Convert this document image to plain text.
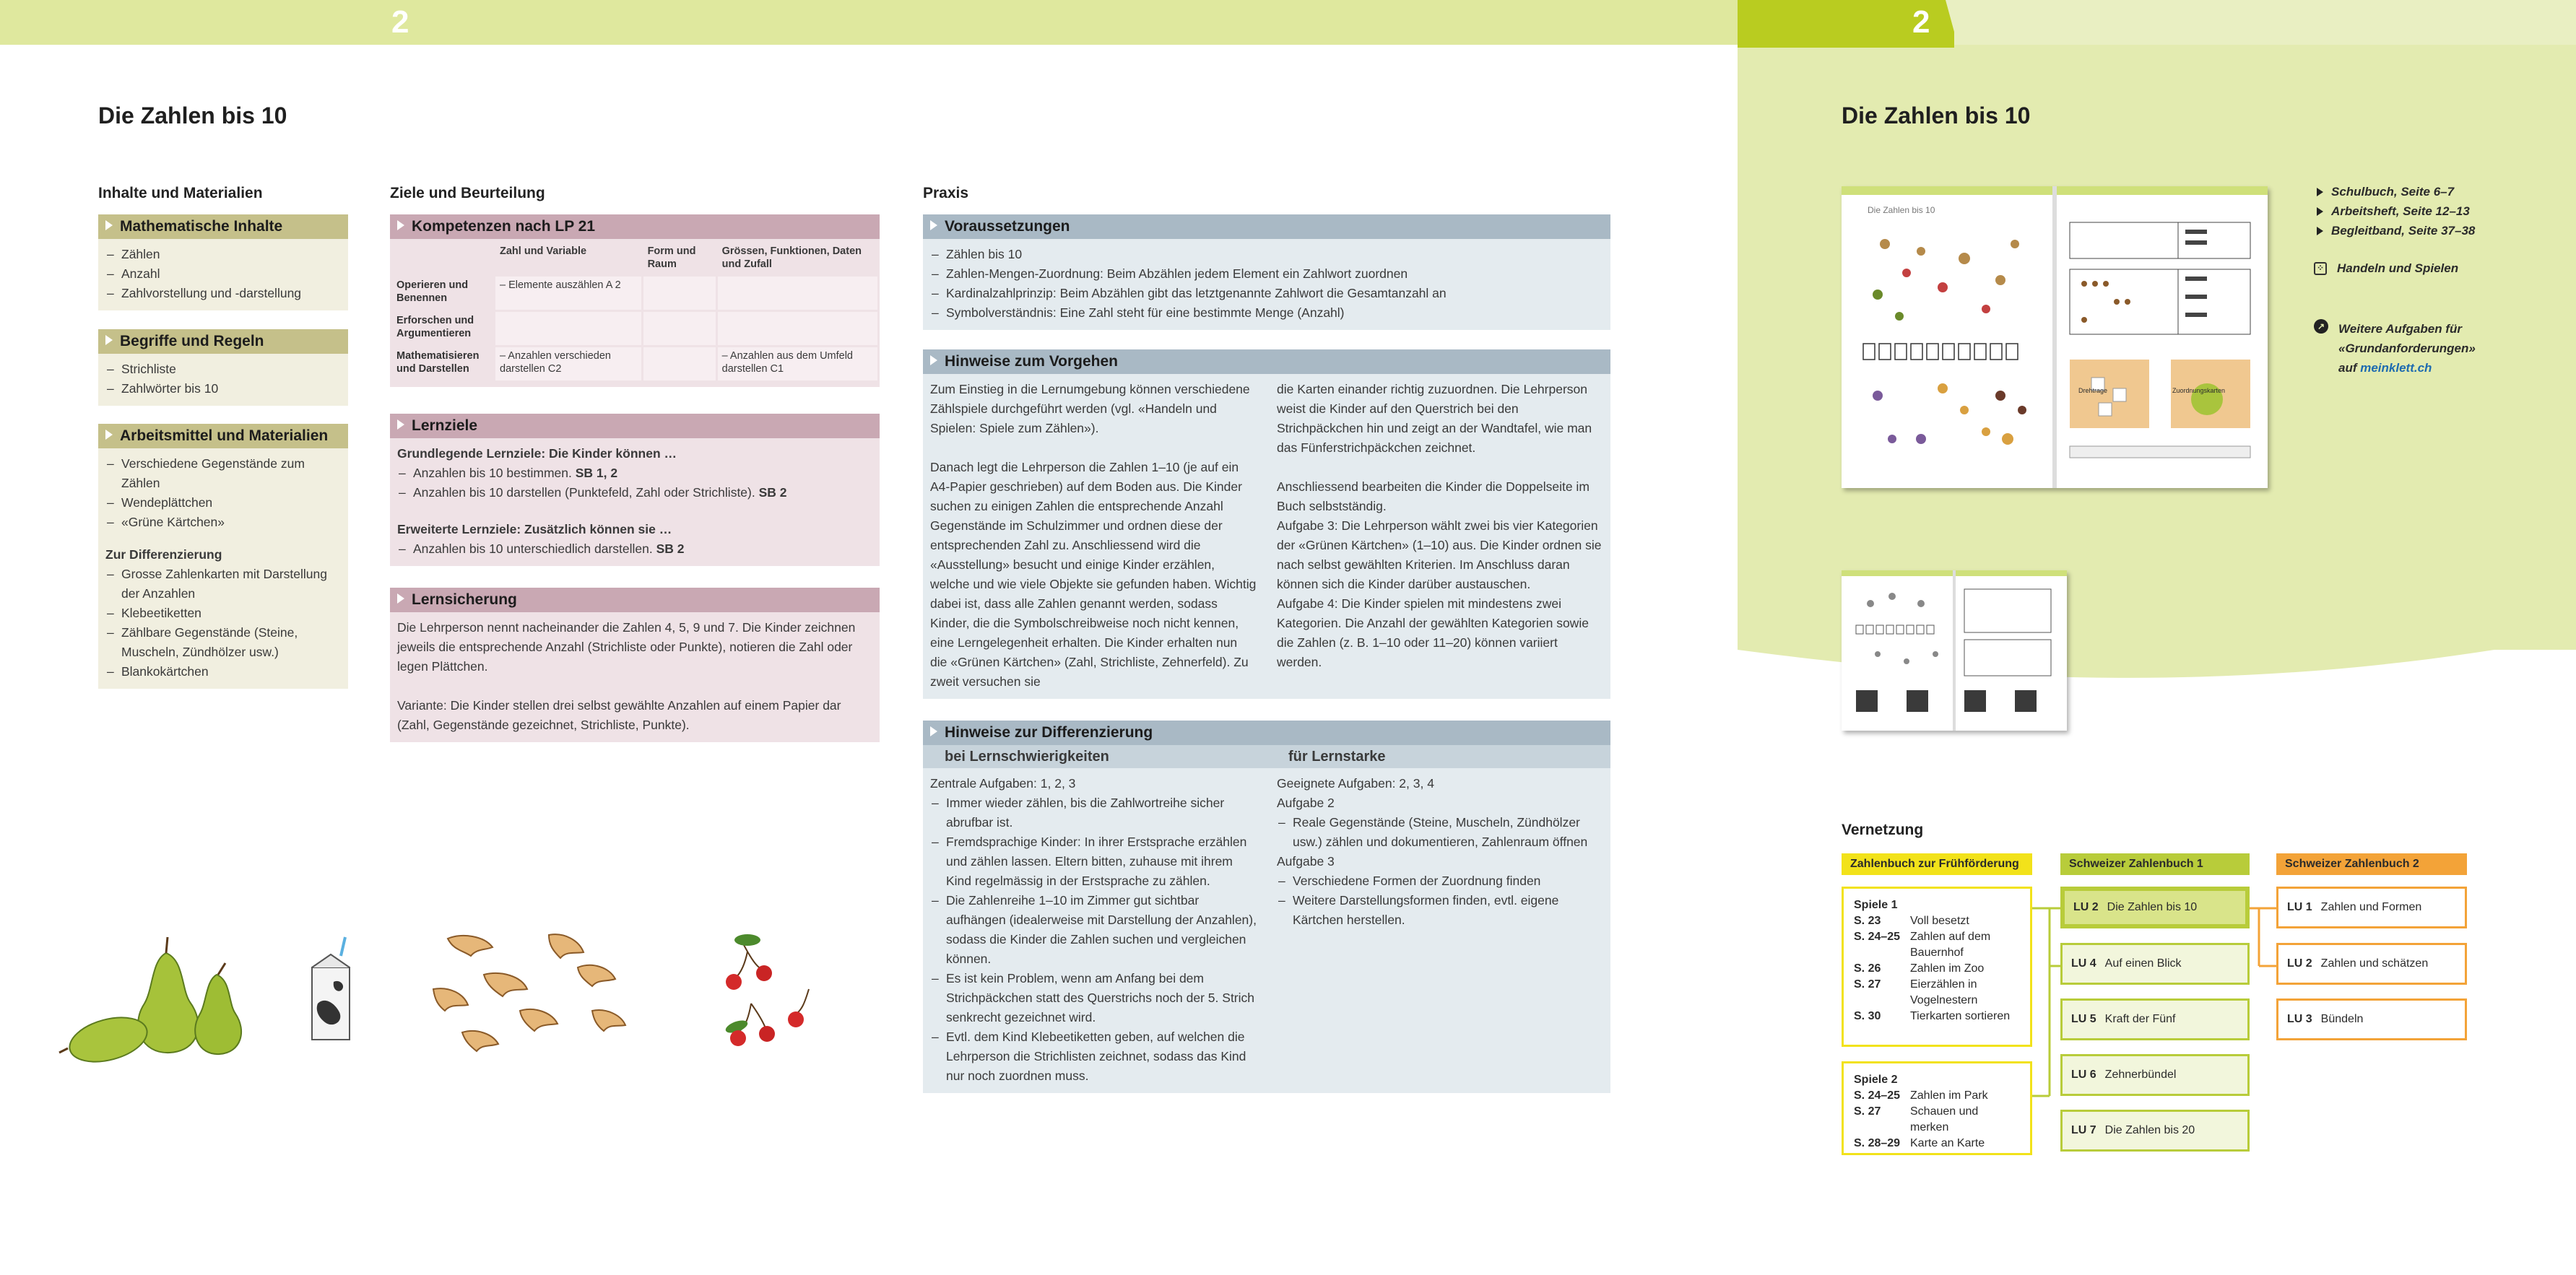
2
Die Zahlen bis 10
Inhalte und Materialien	Ziele und Beurteilung	Praxis
Mathematische Inhalte
– Zählen
– Anzahl
– Zahlvorstellung und -darstellung
Begriffe und Regeln
– Strichliste
– Zahlwörter bis 10
Arbeitsmittel und Materialien
– Verschiedene Gegenstände zum Zählen
– Wendeplättchen
– «Grüne Kärtchen»
Zur Differenzierung
– Grosse Zahlenkarten mit Darstellung der Anzahlen
– Klebeetiketten
– Zählbare Gegenstände (Steine, Muscheln, Zündhölzer usw.)
– Blankokärtchen
Kompetenzen nach LP 21
	Zahl und Variable	Form und Raum	Grössen, Funktionen, Daten und Zufall
Operieren und Benennen	– Elemente auszählen A 2		
Erforschen und Argumentieren			
Mathematisieren und Darstellen	– Anzahlen verschieden darstellen C2		– Anzahlen aus dem Umfeld darstellen C1
Lernziele
Grundlegende Lernziele: Die Kinder können …
– Anzahlen bis 10 bestimmen. SB 1, 2
– Anzahlen bis 10 darstellen (Punktefeld, Zahl oder Strichliste). SB 2
Erweiterte Lernziele: Zusätzlich können sie …
– Anzahlen bis 10 unterschiedlich darstellen. SB 2
Lernsicherung

Die Lehrperson nennt nacheinander die Zahlen 4, 5, 9 und 7. Die Kinder zeichnen jeweils die entsprechende Anzahl (Strichliste oder Punkte), notieren die Zahl oder legen Plättchen.

Variante: Die Kinder stellen drei selbst gewählte Anzahlen auf einem Papier dar (Zahl, Gegenstände gezeichnet, Strichliste, Punkte).

Voraussetzungen
– Zählen bis 10
– Zahlen-Mengen-Zuordnung: Beim Abzählen jedem Element ein Zahlwort zuordnen
– Kardinalzahlprinzip: Beim Abzählen gibt das letztgenannte Zahlwort die Gesamtanzahl an
– Symbolverständnis: Eine Zahl steht für eine bestimmte Menge (Anzahl)
Hinweise zum Vorgehen

Zum Einstieg in die Lernumgebung können verschiedene Zählspiele durchgeführt werden (vgl. «Handeln und Spielen: Spiele zum Zählen»).

Danach legt die Lehrperson die Zahlen 1–10 (je auf ein A4-Papier geschrieben) auf dem Boden aus. Die Kinder suchen zu einigen Zahlen die entsprechende Anzahl Gegenstände im Schulzimmer und ordnen diese der entsprechenden Zahl zu. Anschliessend wird die «Ausstellung» besucht und einige Kinder erzählen, welche und wie viele Objekte sie gefunden haben. Wichtig dabei ist, dass alle Zahlen genannt werden, sodass Kinder, die die Symbolschreibweise noch nicht kennen, eine Lerngelegenheit erhalten. Die Kinder erhalten nun die «Grünen Kärtchen» (Zahl, Strichliste, Zehnerfeld). Zu zweit versuchen sie

die Karten einander richtig zuzuordnen. Die Lehrperson weist die Kinder auf den Querstrich bei den Strichpäckchen hin und zeigt an der Wandtafel, wie man das Fünferstrichpäckchen zeichnet.

Anschliessend bearbeiten die Kinder die Doppelseite im Buch selbstständig.
Aufgabe 3: Die Lehrperson wählt zwei bis vier Kategorien der «Grünen Kärtchen» (1–10) aus. Die Kinder ordnen sie nach selbst gewählten Kriterien. Im Anschluss daran können sich die Kinder darüber austauschen.
Aufgabe 4: Die Kinder spielen mit mindestens zwei Kategorien. Die Anzahl der gewählten Kategorien sowie die Zahlen (z. B. 1–10 oder 11–20) können variiert werden.

Hinweise zur Differenzierung
bei Lernschwierigkeiten	für Lernstarke
Zentrale Aufgaben: 1, 2, 3
– Immer wieder zählen, bis die Zahlwortreihe sicher abrufbar ist.
– Fremdsprachige Kinder: In ihrer Erstsprache erzählen und zählen lassen. Eltern bitten, zuhause mit ihrem Kind regelmässig in der Erstsprache zu zählen.
– Die Zahlenreihe 1–10 im Zimmer gut sichtbar aufhängen (idealerweise mit Darstellung der Anzahlen), sodass die Kinder die Zahlen suchen und vergleichen können.
– Es ist kein Problem, wenn am Anfang bei dem Strichpäckchen statt des Querstrichs noch der 5. Strich senkrecht gezeichnet wird.
– Evtl. dem Kind Klebeetiketten geben, auf welchen die Lehrperson die Strichlisten zeichnet, sodass das Kind nur noch zuordnen muss.
Geeignete Aufgaben: 2, 3, 4
Aufgabe 2
– Reale Gegenstände (Steine, Muscheln, Zündhölzer usw.) zählen und dokumentieren, Zahlenraum öffnen
Aufgabe 3
– Verschiedene Formen der Zuordnung finden
– Weitere Darstellungsformen finden, evtl. eigene Kärtchen herstellen.
2
Die Zahlen bis 10
Die Zahlen bis 10
Drehtrage	Zuordnungskarten
Schulbuch, Seite 6–7
Arbeitsheft, Seite 12–13
Begleitband, Seite 37–38
⁘ Handeln und Spielen
↗ Weitere Aufgaben für «Grundanforderungen» auf meinklett.ch
Vernetzung
Zahlenbuch zur Frühförderung	Schweizer Zahlenbuch 1	Schweizer Zahlenbuch 2
Spiele 1
S. 23	Voll besetzt
S. 24–25 Zahlen auf dem Bauernhof
S. 26	Zahlen im Zoo
S. 27	Eierzählen in Vogelnestern
S. 30	Tierkarten sortieren
Spiele 2
S. 24–25 Zahlen im Park
S. 27	Schauen und merken
S. 28–29 Karte an Karte
LU 2 Die Zahlen bis 10
LU 4 Auf einen Blick
LU 5 Kraft der Fünf
LU 6 Zehnerbündel
LU 7 Die Zahlen bis 20
LU 1 Zahlen und Formen
LU 2 Zahlen und schätzen
LU 3 Bündeln
